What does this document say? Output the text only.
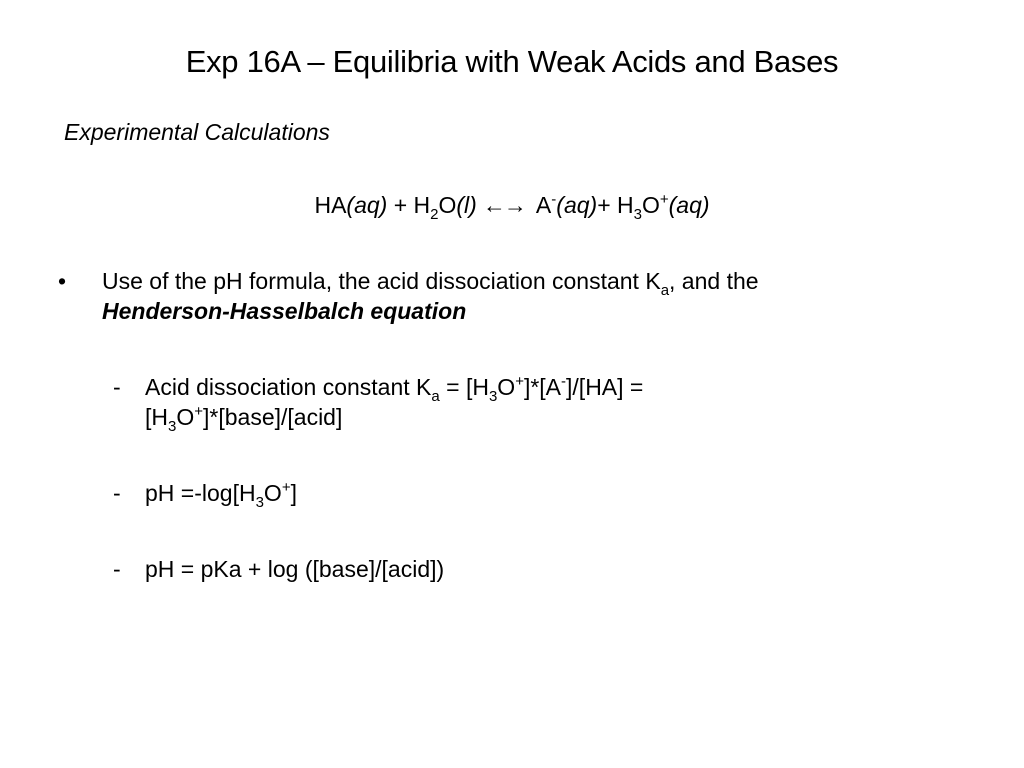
Exp 16A – Equilibria with Weak Acids and Bases
Experimental Calculations
$HA(aq) + H_2O(l)$ ←→ $A^-(aq)+ H_3O^+(aq)$
•	Use of the pH formula, the acid dissociation constant $K_a$, and the
Henderson-Hasselbalch equation
- Acid dissociation constant $K_a = [H_3O^+]*[A^-]/[HA]$ =
$[H_3O^+]*[base]/[acid]$
- pH $=-\log[H_3O^+]$
- pH = pKa + log ([base]/[acid])
